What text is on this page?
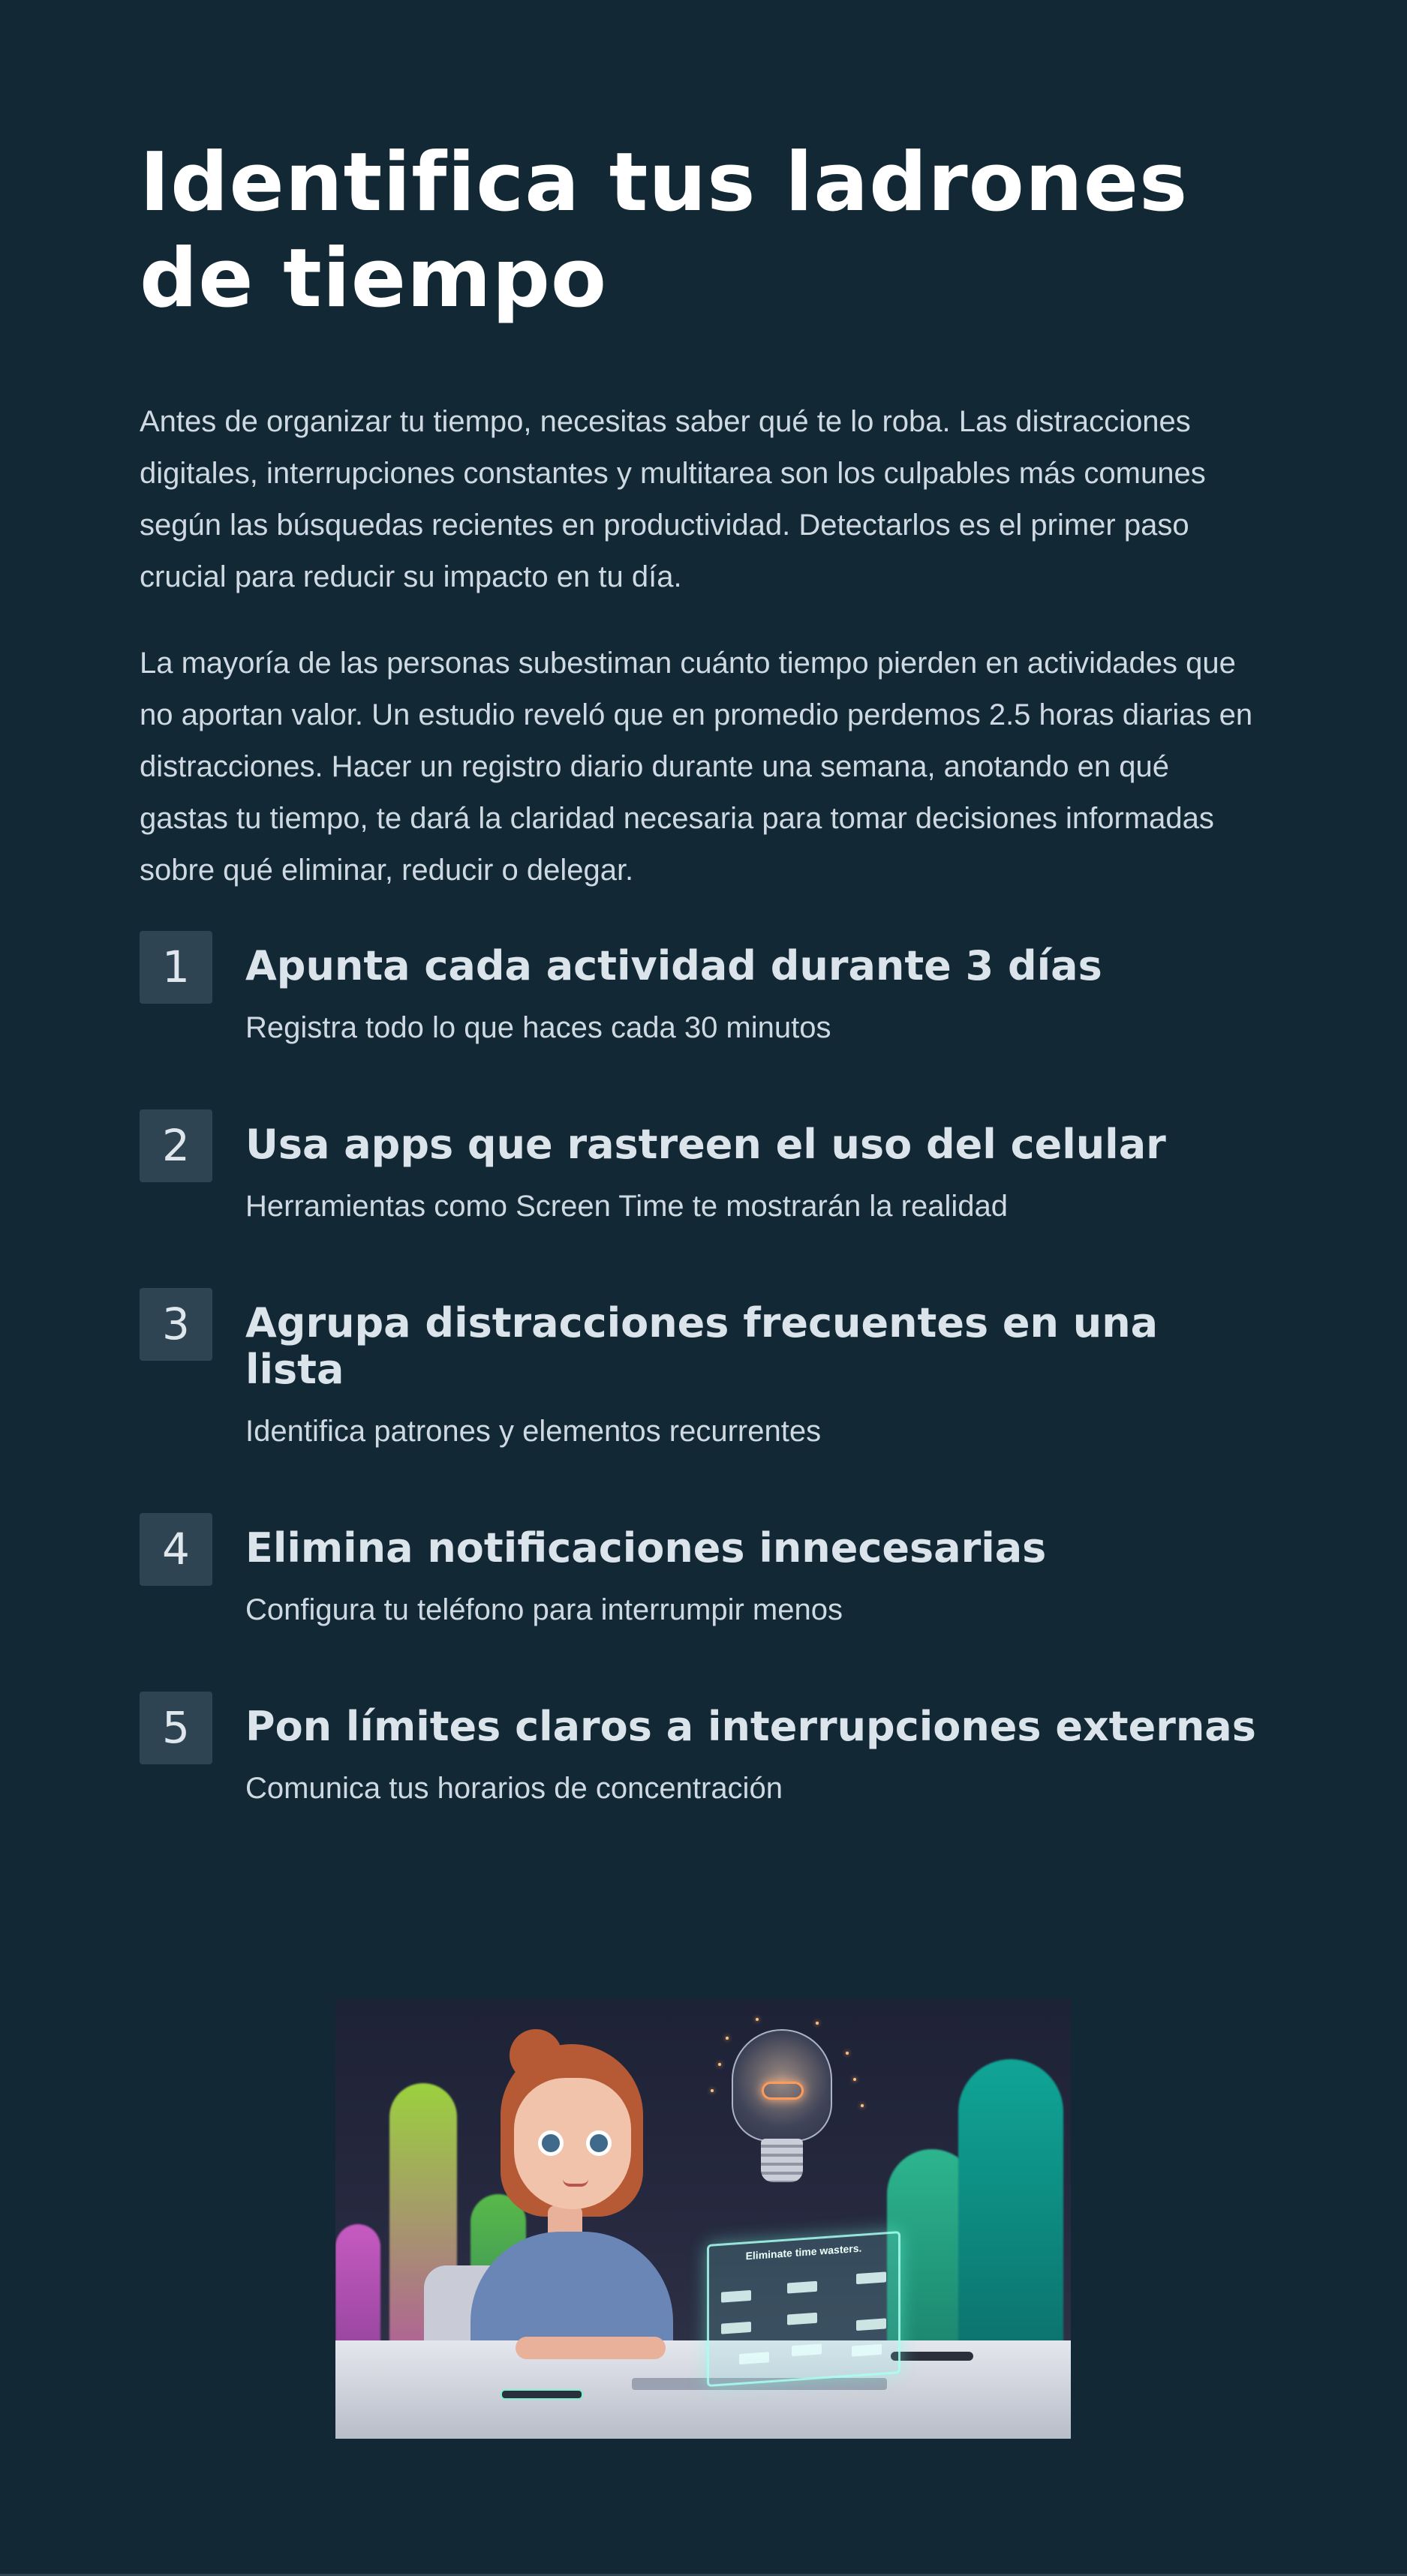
Identifica tus ladrones de tiempo

Antes de organizar tu tiempo, necesitas saber qué te lo roba. Las distracciones digitales, interrupciones constantes y multitarea son los culpables más comunes según las búsquedas recientes en productividad. Detectarlos es el primer paso crucial para reducir su impacto en tu día.

La mayoría de las personas subestiman cuánto tiempo pierden en actividades que no aportan valor. Un estudio reveló que en promedio perdemos 2.5 horas diarias en distracciones. Hacer un registro diario durante una semana, anotando en qué gastas tu tiempo, te dará la claridad necesaria para tomar decisiones informadas sobre qué eliminar, reducir o delegar.

1	Apunta cada actividad durante 3 días
Registra todo lo que haces cada 30 minutos
2	Usa apps que rastreen el uso del celular
Herramientas como Screen Time te mostrarán la realidad
3	Agrupa distracciones frecuentes en una lista
Identifica patrones y elementos recurrentes
4	Elimina notificaciones innecesarias
Configura tu teléfono para interrumpir menos
5	Pon límites claros a interrupciones externas
Comunica tus horarios de concentración
Eliminate time wasters.
